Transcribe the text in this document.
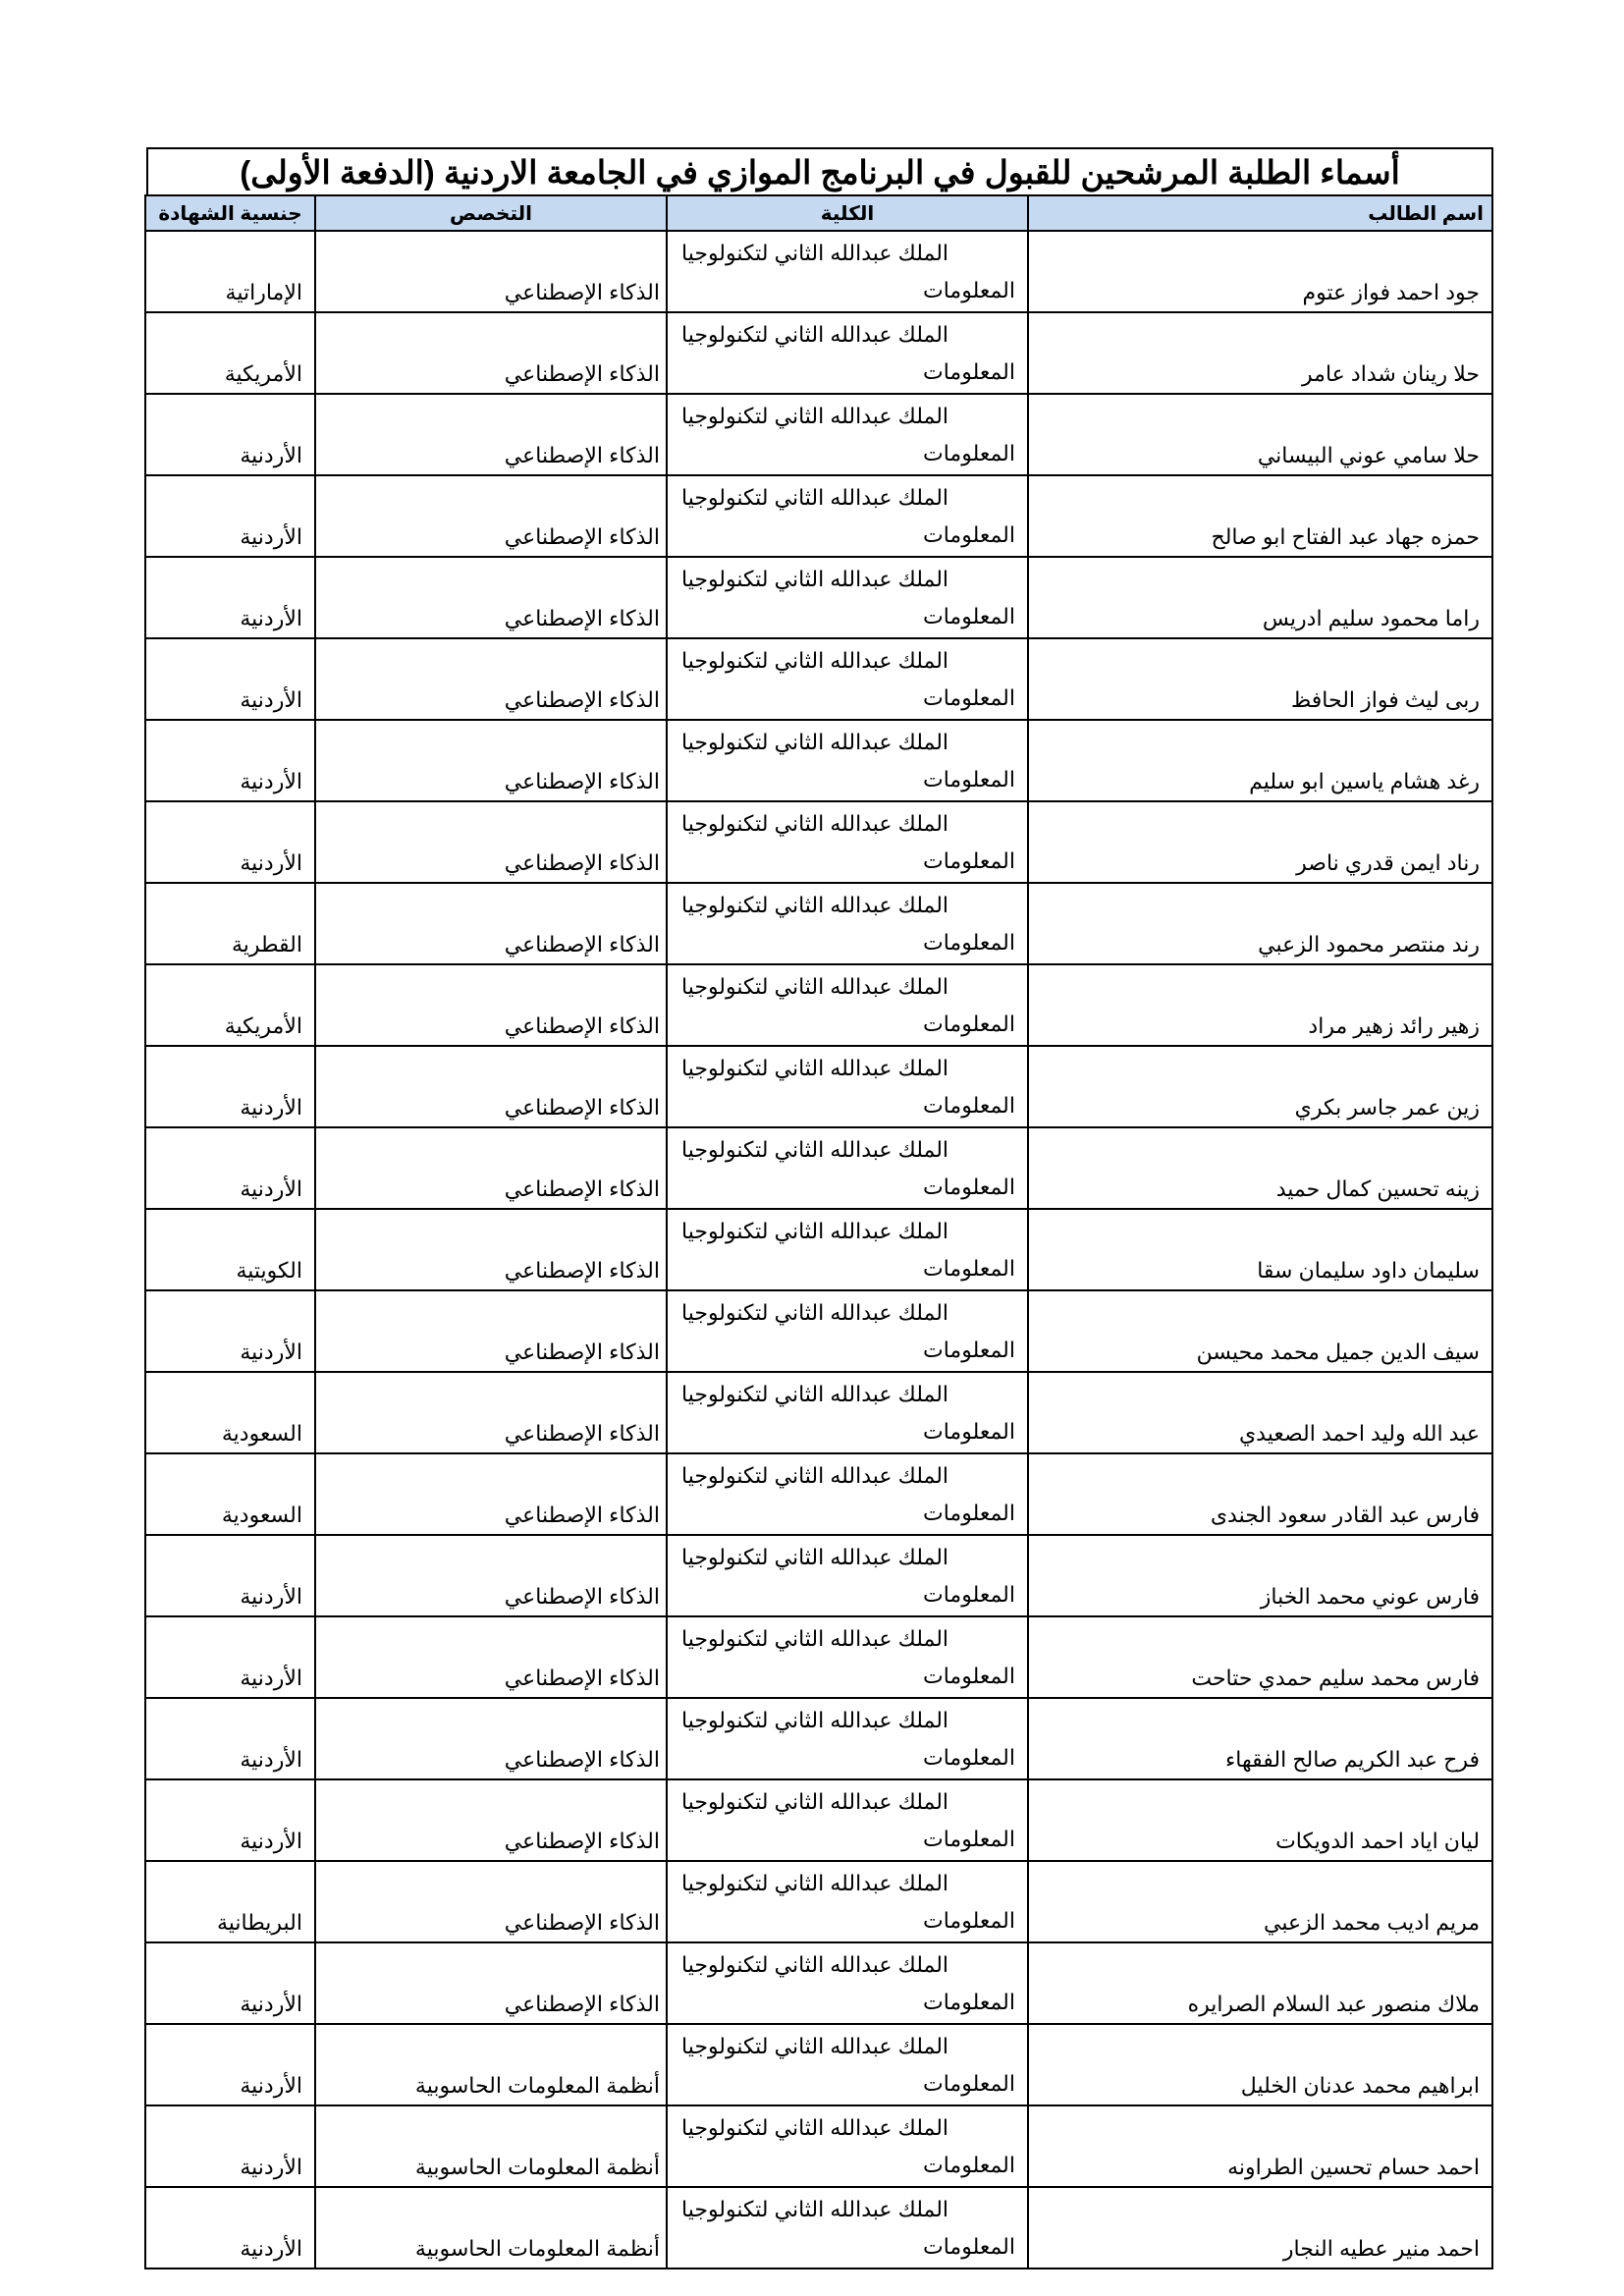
أسماء الطلبة المرشحين للقبول في البرنامج الموازي في الجامعة الاردنية (الدفعة الأولى)
اسم الطالب	الكلية	التخصص	جنسية الشهادة
جود احمد فواز عتوم	الملك عبدالله الثاني لتكنولوجيا
المعلومات	الذكاء الإصطناعي	الإماراتية
حلا رينان شداد عامر	الملك عبدالله الثاني لتكنولوجيا
المعلومات	الذكاء الإصطناعي	الأمريكية
حلا سامي عوني البيساني	الملك عبدالله الثاني لتكنولوجيا
المعلومات	الذكاء الإصطناعي	الأردنية
حمزه جهاد عبد الفتاح ابو صالح	الملك عبدالله الثاني لتكنولوجيا
المعلومات	الذكاء الإصطناعي	الأردنية
راما محمود سليم ادريس	الملك عبدالله الثاني لتكنولوجيا
المعلومات	الذكاء الإصطناعي	الأردنية
ربى ليث فواز الحافظ	الملك عبدالله الثاني لتكنولوجيا
المعلومات	الذكاء الإصطناعي	الأردنية
رغد هشام ياسين ابو سليم	الملك عبدالله الثاني لتكنولوجيا
المعلومات	الذكاء الإصطناعي	الأردنية
رناد ايمن قدري ناصر	الملك عبدالله الثاني لتكنولوجيا
المعلومات	الذكاء الإصطناعي	الأردنية
رند منتصر محمود الزعبي	الملك عبدالله الثاني لتكنولوجيا
المعلومات	الذكاء الإصطناعي	القطرية
زهير رائد زهير مراد	الملك عبدالله الثاني لتكنولوجيا
المعلومات	الذكاء الإصطناعي	الأمريكية
زين عمر جاسر بكري	الملك عبدالله الثاني لتكنولوجيا
المعلومات	الذكاء الإصطناعي	الأردنية
زينه تحسين كمال حميد	الملك عبدالله الثاني لتكنولوجيا
المعلومات	الذكاء الإصطناعي	الأردنية
سليمان داود سليمان سقا	الملك عبدالله الثاني لتكنولوجيا
المعلومات	الذكاء الإصطناعي	الكويتية
سيف الدين جميل محمد محيسن	الملك عبدالله الثاني لتكنولوجيا
المعلومات	الذكاء الإصطناعي	الأردنية
عبد الله وليد احمد الصعيدي	الملك عبدالله الثاني لتكنولوجيا
المعلومات	الذكاء الإصطناعي	السعودية
فارس عبد القادر سعود الجندى	الملك عبدالله الثاني لتكنولوجيا
المعلومات	الذكاء الإصطناعي	السعودية
فارس عوني محمد الخباز	الملك عبدالله الثاني لتكنولوجيا
المعلومات	الذكاء الإصطناعي	الأردنية
فارس محمد سليم حمدي حتاحت	الملك عبدالله الثاني لتكنولوجيا
المعلومات	الذكاء الإصطناعي	الأردنية
فرح عبد الكريم صالح الفقهاء	الملك عبدالله الثاني لتكنولوجيا
المعلومات	الذكاء الإصطناعي	الأردنية
ليان اياد احمد الدويكات	الملك عبدالله الثاني لتكنولوجيا
المعلومات	الذكاء الإصطناعي	الأردنية
مريم اديب محمد الزعبي	الملك عبدالله الثاني لتكنولوجيا
المعلومات	الذكاء الإصطناعي	البريطانية
ملاك منصور عبد السلام الصرايره	الملك عبدالله الثاني لتكنولوجيا
المعلومات	الذكاء الإصطناعي	الأردنية
ابراهيم محمد عدنان الخليل	الملك عبدالله الثاني لتكنولوجيا
المعلومات	أنظمة المعلومات الحاسوبية	الأردنية
احمد حسام تحسين الطراونه	الملك عبدالله الثاني لتكنولوجيا
المعلومات	أنظمة المعلومات الحاسوبية	الأردنية
احمد منير عطيه النجار	الملك عبدالله الثاني لتكنولوجيا
المعلومات	أنظمة المعلومات الحاسوبية	الأردنية
